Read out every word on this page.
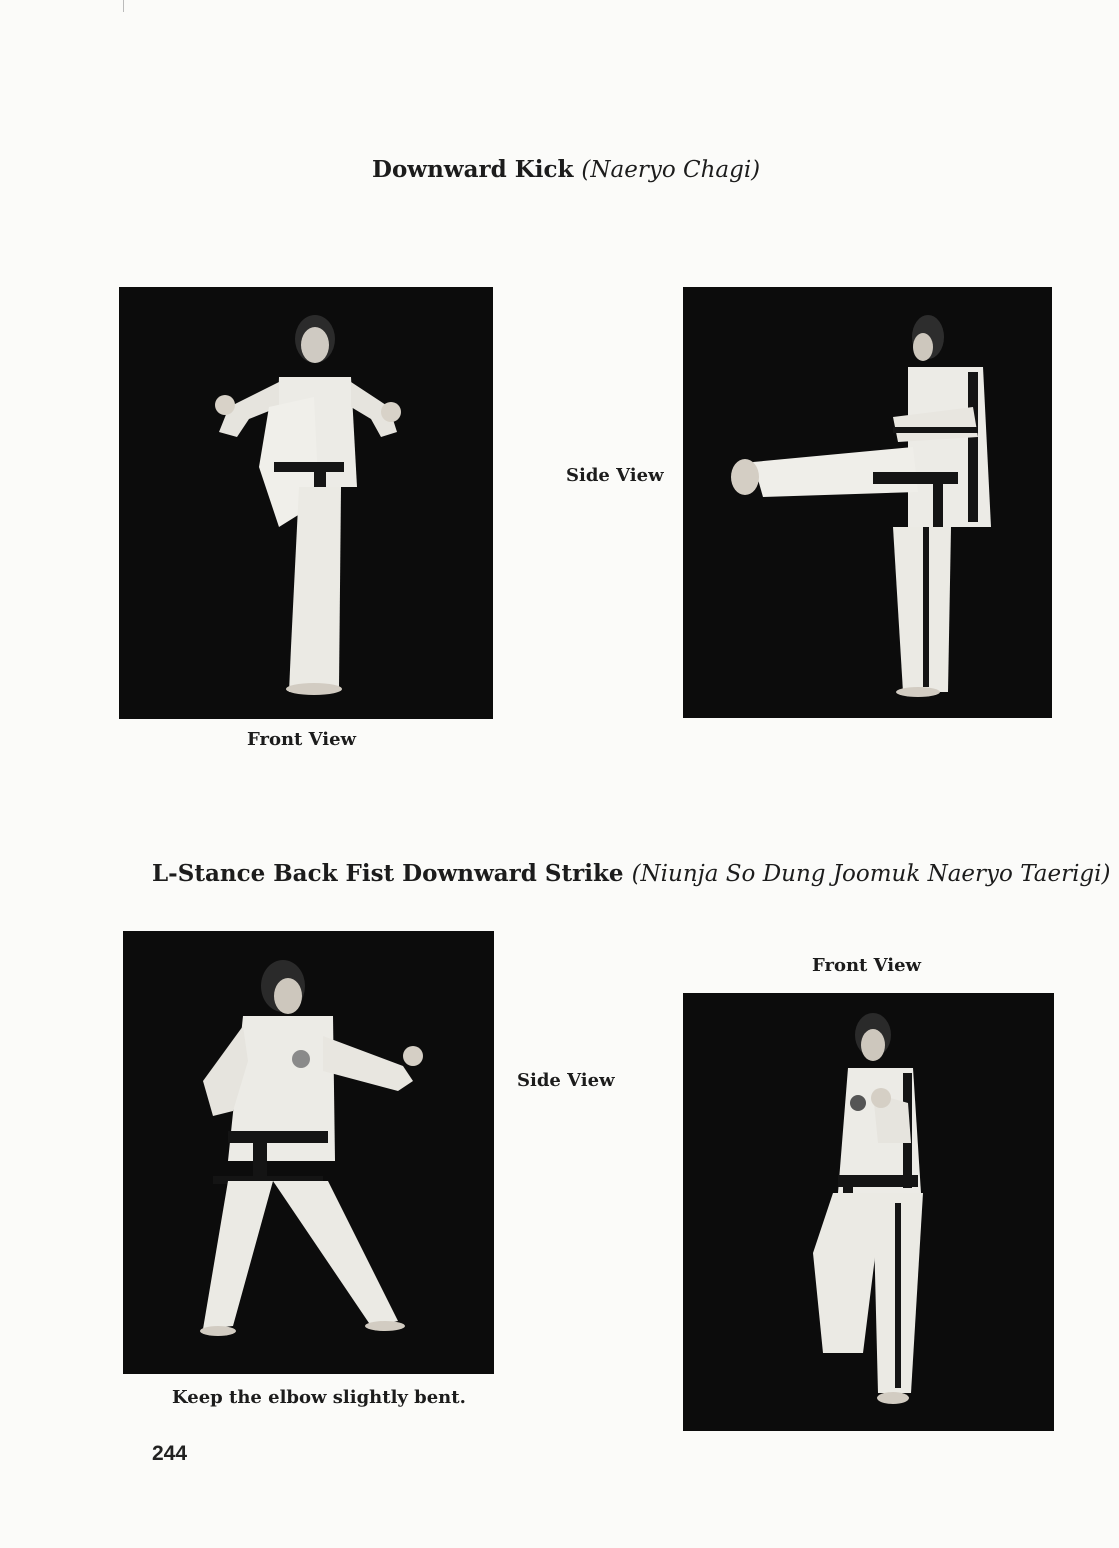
Downward Kick (Naeryo Chagi)
Front View
Side View
L-Stance Back Fist Downward Strike (Niunja So Dung Joomuk Naeryo Taerigi)
Keep the elbow slightly bent.
Side View
Front View
244
